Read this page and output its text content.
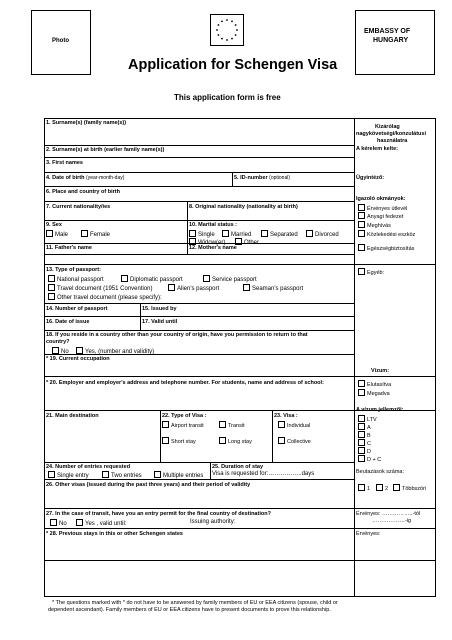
Photo
EMBASSY OF
HUNGARY
Application for Schengen Visa
This application form is free
1. Surname(s) (family name(s))
2. Surname(s) at birth (earlier family name(s))
3. First names
4. Date of birth (year-month-day)	5. ID-number (optional)
6. Place and country of birth
7. Current nationality/ies	8. Original nationality (nationality at birth)
9. Sex
Male	Female
10. Marital status :
Single	Married	Separated	Divorced
Widow(er)	Other
11. Father's name	12. Mother's name
13. Type of passport:
National passport	Diplomatic passport	Service passport
Travel document (1951 Convention)	Alien's passport	Seaman's passport
Other travel document (please specify):
14. Number of passport	15. Issued by
16. Date of issue	17. Valid until
18. If you reside in a country other than your country of origin, have you permission to return to that
country?
No	Yes, (number and validity)
* 19. Current occupation
* 20. Employer and employer's address and telephone number. For students, name and address of school:
21. Main destination	22. Type of Visa :
Airport transit	Transit
Short stay	Long stay
23. Visa :
Individual
Collective
24. Number of entries requested
Single entry	Two entries	Multiple entries
25. Duration of stay
Visa is requested for:……………..days
26. Other visas (issued during the past three years) and their period of validity
27. In the case of transit, have you an entry permit for the final country of destination?
No	Yes , valid until:	Issuing authority:
* 28. Previous stays in this or other Schengen states
Kizárólag
nagykövetségi/konzulátusi
használatra
A kérelem kelte:
Ügyintéző:
Igazoló okmányok:
Érvényes útlevél
Anyagi fedezet
Meghívás
Közlekedési eszköz
Egészségbiztosítás
Egyéb:
Vízum:
Elutasítva
Megadva
A vízum jellemzői:
LTV
A
B
C
D
D + C
Beutazások száma:
1	2	Többszöri
Érvényes: ……………..-tól
………………-ig
Érvényes:
* The questions marked with * do not have to be answered by family members of EU or EEA citizens (spouse, child or
dependent ascendant). Family members of EU or EEA citizens have to present documents to prove this relationship.
